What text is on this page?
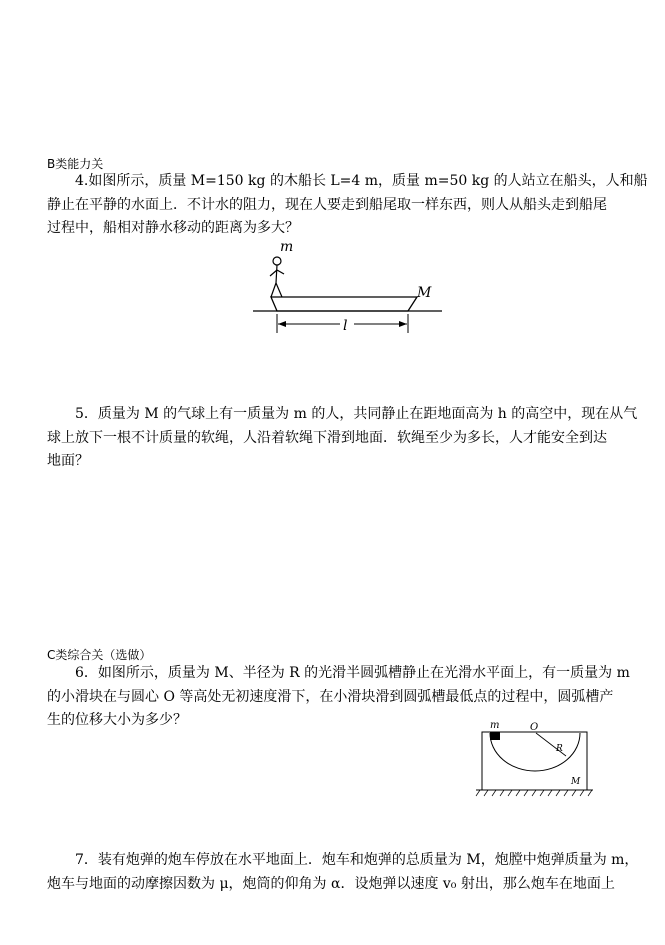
B类能力关
4.如图所示，质量 M=150 kg 的木船长 L=4 m，质量 m=50 kg 的人站立在船头，人和船
静止在平静的水面上．不计水的阻力，现在人要走到船尾取一样东西，则人从船头走到船尾
过程中，船相对静水移动的距离为多大？
m
M
l
5．质量为 M 的气球上有一质量为 m 的人，共同静止在距地面高为 h 的高空中，现在从气
球上放下一根不计质量的软绳，人沿着软绳下滑到地面．软绳至少为多长，人才能安全到达
地面？
C类综合关（选做）
6．如图所示，质量为 M、半径为 R 的光滑半圆弧槽静止在光滑水平面上，有一质量为 m
的小滑块在与圆心 O 等高处无初速度滑下，在小滑块滑到圆弧槽最低点的过程中，圆弧槽产
生的位移大小为多少？	m	O
R
M
7．装有炮弹的炮车停放在水平地面上．炮车和炮弹的总质量为 M，炮膛中炮弹质量为 m，
炮车与地面的动摩擦因数为 μ，炮筒的仰角为 α．设炮弹以速度 v₀ 射出，那么炮车在地面上
